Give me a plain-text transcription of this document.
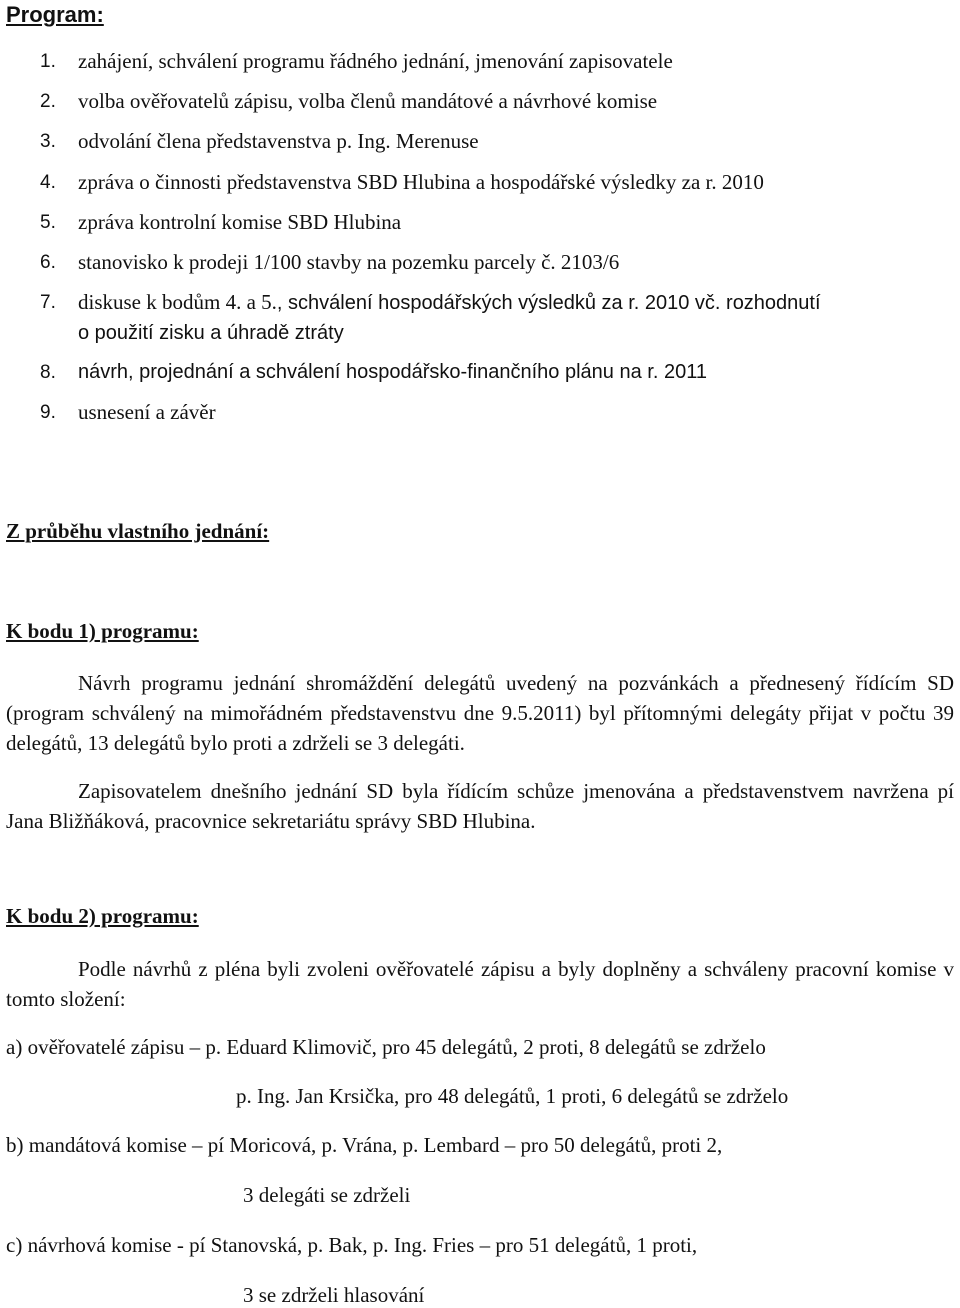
Program:
1. zahájení, schválení programu řádného jednání, jmenování zapisovatele
2. volba ověřovatelů zápisu, volba členů mandátové a návrhové komise
3. odvolání člena představenstva p. Ing. Merenuse
4. zpráva o činnosti představenstva SBD Hlubina a hospodářské výsledky za r. 2010
5. zpráva kontrolní komise SBD Hlubina
6. stanovisko k prodeji 1/100 stavby na pozemku parcely č. 2103/6
7. diskuse k bodům 4. a 5., schválení hospodářských výsledků za r. 2010 vč. rozhodnutí
o použití zisku a úhradě ztráty
8. návrh, projednání a schválení hospodářsko-finančního plánu na r. 2011
9. usnesení a závěr
Z průběhu vlastního jednání:
K bodu 1) programu:
Návrh programu jednání shromáždění delegátů uvedený na pozvánkách a přednesený řídícím SD (program schválený na mimořádném představenstvu dne 9.5.2011) byl přítomnými delegáty přijat v počtu 39 delegátů, 13 delegátů bylo proti a zdrželi se 3 delegáti.
Zapisovatelem dnešního jednání SD byla řídícím schůze jmenována a představenstvem navržena pí Jana Bližňáková, pracovnice sekretariátu správy SBD Hlubina.
K bodu 2) programu:
Podle návrhů z pléna byli zvoleni ověřovatelé zápisu a byly doplněny a schváleny pracovní komise v tomto složení:
a) ověřovatelé zápisu – p. Eduard Klimovič, pro 45 delegátů, 2 proti, 8 delegátů se zdrželo
p. Ing. Jan Krsička, pro 48 delegátů, 1 proti, 6 delegátů se zdrželo
b) mandátová komise – pí Moricová, p. Vrána, p. Lembard – pro 50 delegátů, proti 2,
3 delegáti se zdrželi
c) návrhová komise - pí Stanovská, p. Bak, p. Ing. Fries – pro 51 delegátů, 1 proti,
3 se zdrželi hlasování
